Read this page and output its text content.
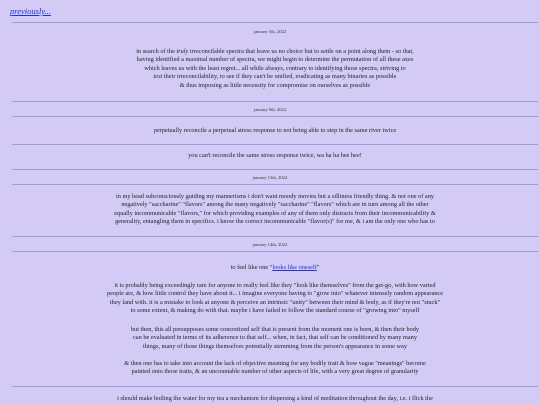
previously...
january 5th, 2022
in search of the truly irreconcilable spectra that leave us no choice but to settle on a point along them - so that,
having identified a maximal number of spectra, we might begin to determine the permutation of all these axes
which leaves us with the least regret... all while always, contrary to identifying those spectra, striving to
test their irreconcilability, to see if they can't be unified, eradicating as many binaries as possible
& thus imposing as little necessity for compromise on ourselves as possible
january 9th, 2022
perpetually reconcile a perpetual stress response to not being able to step in the same river twice
you can't reconcile the same stress response twice, wa ha ha hee hee!
january 13th, 2022
in my head subconsciously guiding my mannerisms i don't want moody movies but a silliness friendly thing. & not one of any
negatively "saccharine" "flavors" among the many negatively "saccharine" "flavors" which are in turn among all the other
equally incommunicable "flavors," for which providing examples of any of them only distracts from their incommunicability &
generality, entangling them in specifics. i know the correct incommunicable "flavor(s)" for me, & i am the only one who has to
january 14th, 2022
to feel like one "looks like oneself"
it is probably being exceedingly rare for anyone to really feel like they "look like themselves" from the get-go, with how varied
people are, & how little control they have about it... i imagine everyone having to "grow into" whatever intensely random appearance
they land with. it is a mistake to look at anyone & perceive an intrinsic "unity" between their mind & body, as if they're not "stuck"
to some extent, & making do with that. maybe i have failed to follow the standard course of "growing into" myself
but then, this all presupposes some concretized self that is present from the moment one is born, & then their body
can be evaluated in terms of its adherence to that self... when, in fact, that self can be conditioned by many many
things, many of those things themselves potentially stemming from the person's appearance in some way
& then one has to take into account the lack of objective meaning for any bodily trait & how vague "meanings" become
painted onto those traits, & an uncountable number of other aspects of life, with a very great degree of granularity
i should make boiling the water for my tea a mechanism for dispersing a kind of meditation throughout the day, i.e. i flick the
